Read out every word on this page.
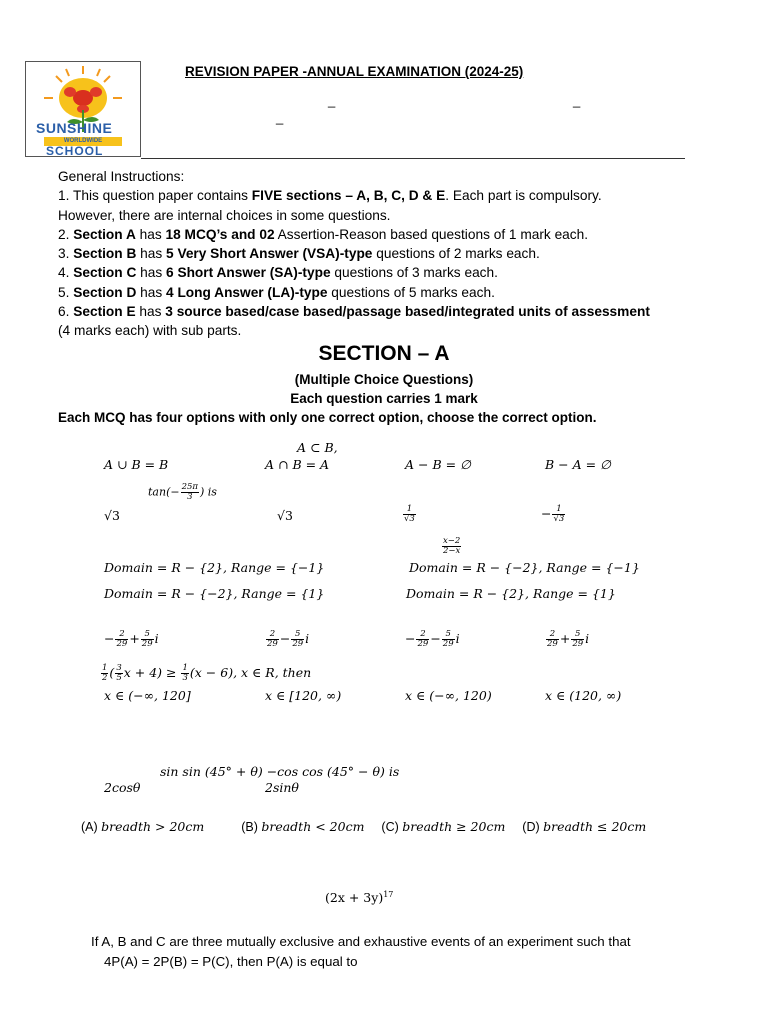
SUNSHINE
WORLDWIDE
SCHOOL
REVISION PAPER -ANNUAL EXAMINATION (2024-25)
_	_
_

General Instructions:

1. This question paper contains FIVE sections – A, B, C, D & E. Each part is compulsory.

However, there are internal choices in some questions.

2. Section A has 18 MCQ’s and 02 Assertion-Reason based questions of 1 mark each.

3. Section B has 5 Very Short Answer (VSA)-type questions of 2 marks each.

4. Section C has 6 Short Answer (SA)-type questions of 3 marks each.

5. Section D has 4 Long Answer (LA)-type questions of 5 marks each.

6. Section E has 3 source based/case based/passage based/integrated units of assessment

(4 marks each) with sub parts.

SECTION – A
(Multiple Choice Questions)
Each question carries 1 mark
Each MCQ has four options with only one correct option, choose the correct option.
A ⊂ B,
A ∪ B = B	A ∩ B = A	A − B = ∅	B − A = ∅
$\tan(- \frac{25\pi}{3}$ ) is
√3	√3	$\frac{1}{√3}$	− $\frac{1}{√3}$
$\frac{x-2}{2-x}$
Domain = R − {2}, Range = {−1}	Domain = R − {−2}, Range = {−1}
Domain = R − {−2}, Range = {1}	Domain = R − {2}, Range = {1}
− $\frac{2}{29} + \frac{5}{29}$ i	$\frac{2}{29} - \frac{5}{29}$ i	− $\frac{2}{29} - \frac{5}{29}$ i	$\frac{2}{29} + \frac{5}{29}$ i
$\frac{1}{2}$ ( $\frac{3}{5}$ $x + 4) \ge \frac{1}{3} (x - 6)$, x ∈ R, then
x ∈ (−∞, 120]	x ∈ [120, ∞)	x ∈ (−∞, 120)	x ∈ (120, ∞)
sin sin (45° + θ) −cos cos (45° − θ) is
2cosθ	2sinθ
(A) breadth > 20cm	(B) breadth < 20cm (C) breadth ≥ 20cm (D) breadth ≤ 20cm
$(2x + 3y)^{17}$
If A, B and C are three mutually exclusive and exhaustive events of an experiment such that
4P(A) = 2P(B) = P(C), then P(A) is equal to
